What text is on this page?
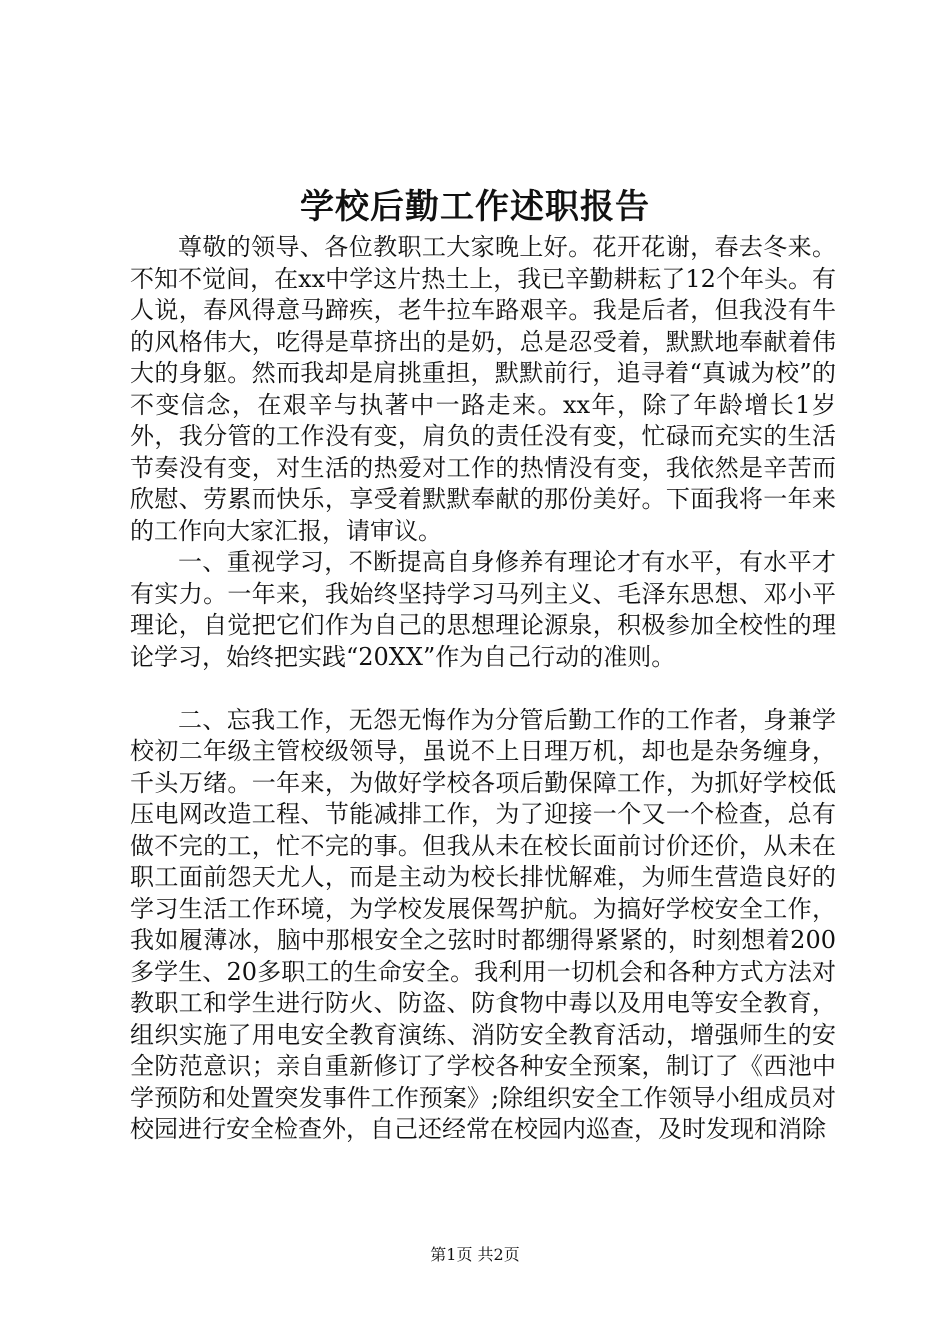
学校后勤工作述职报告

尊敬的领导、各位教职工大家晚上好。花开花谢，春去冬来。不知不觉间，在xx中学这片热土上，我已辛勤耕耘了12个年头。有人说，春风得意马蹄疾，老牛拉车路艰辛。我是后者，但我没有牛的风格伟大，吃得是草挤出的是奶，总是忍受着，默默地奉献着伟大的身躯。然而我却是肩挑重担，默默前行，追寻着“真诚为校”的不变信念，在艰辛与执著中一路走来。xx年，除了年龄增长1岁外，我分管的工作没有变，肩负的责任没有变，忙碌而充实的生活节奏没有变，对生活的热爱对工作的热情没有变，我依然是辛苦而欣慰、劳累而快乐，享受着默默奉献的那份美好。下面我将一年来的工作向大家汇报，请审议。

一、重视学习，不断提高自身修养有理论才有水平，有水平才有实力。一年来，我始终坚持学习马列主义、毛泽东思想、邓小平理论，自觉把它们作为自己的思想理论源泉，积极参加全校性的理论学习，始终把实践“20XX”作为自己行动的准则。

二、忘我工作，无怨无悔作为分管后勤工作的工作者，身兼学校初二年级主管校级领导，虽说不上日理万机，却也是杂务缠身，千头万绪。一年来，为做好学校各项后勤保障工作，为抓好学校低压电网改造工程、节能减排工作，为了迎接一个又一个检查，总有做不完的工，忙不完的事。但我从未在校长面前讨价还价，从未在职工面前怨天尤人，而是主动为校长排忧解难，为师生营造良好的学习生活工作环境，为学校发展保驾护航。为搞好学校安全工作，我如履薄冰，脑中那根安全之弦时时都绷得紧紧的，时刻想着200多学生、20多职工的生命安全。我利用一切机会和各种方式方法对教职工和学生进行防火、防盗、防食物中毒以及用电等安全教育，组织实施了用电安全教育演练、消防安全教育活动，增强师生的安全防范意识；亲自重新修订了学校各种安全预案，制订了《西池中学预防和处置突发事件工作预案》;除组织安全工作领导小组成员对校园进行安全检查外，自己还经常在校园内巡查，及时发现和消除

第1页 共2页
